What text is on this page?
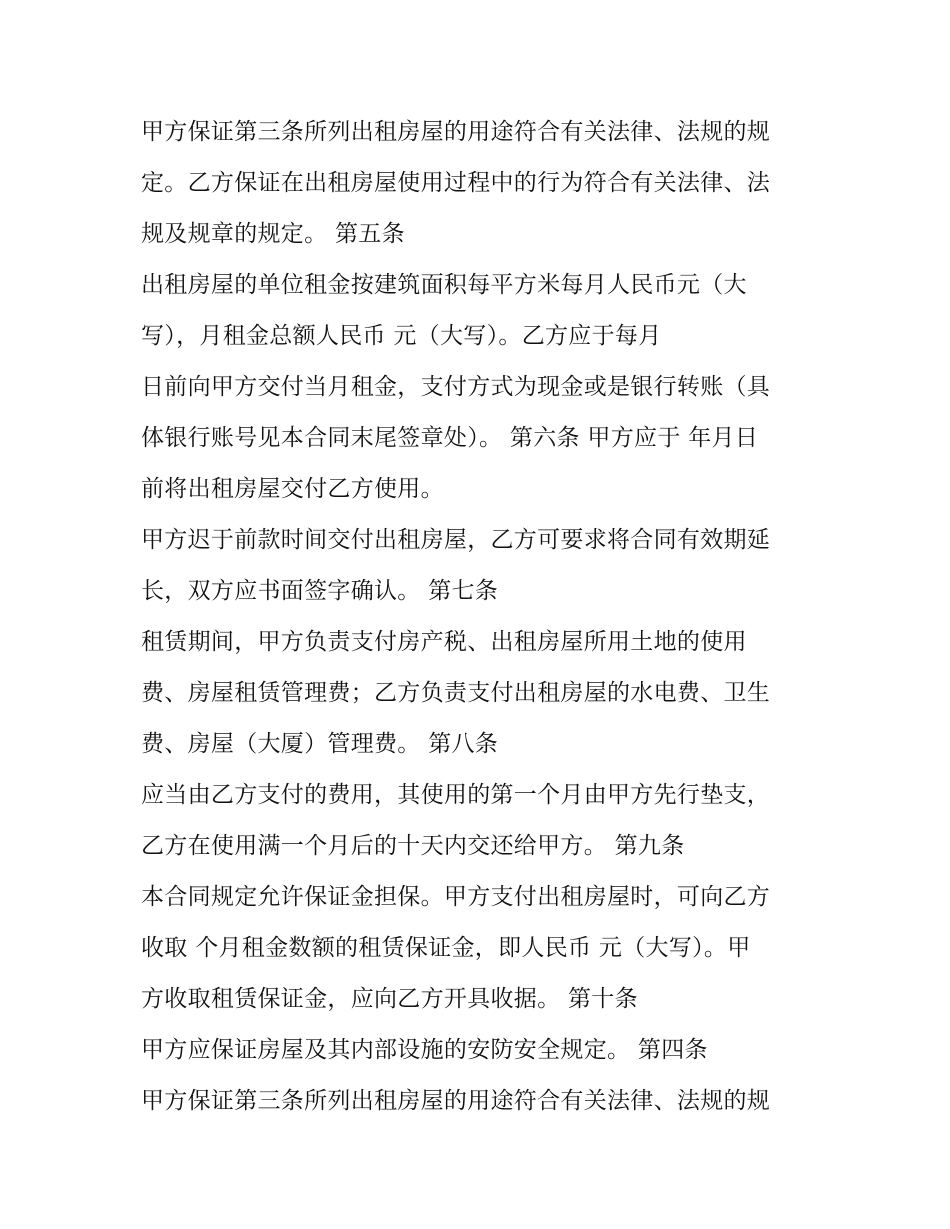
甲方保证第三条所列出租房屋的用途符合有关法律、法规的规
定。乙方保证在出租房屋使用过程中的行为符合有关法律、法
规及规章的规定。 第五条
出租房屋的单位租金按建筑面积每平方米每月人民币元（大
写），月租金总额人民币 元（大写）。乙方应于每月
日前向甲方交付当月租金，支付方式为现金或是银行转账（具
体银行账号见本合同末尾签章处）。 第六条 甲方应于 年月日
前将出租房屋交付乙方使用。
甲方迟于前款时间交付出租房屋，乙方可要求将合同有效期延
长，双方应书面签字确认。 第七条
租赁期间，甲方负责支付房产税、出租房屋所用土地的使用
费、房屋租赁管理费；乙方负责支付出租房屋的水电费、卫生
费、房屋（大厦）管理费。 第八条
应当由乙方支付的费用，其使用的第一个月由甲方先行垫支，
乙方在使用满一个月后的十天内交还给甲方。 第九条
本合同规定允许保证金担保。甲方支付出租房屋时，可向乙方
收取 个月租金数额的租赁保证金，即人民币 元（大写）。甲
方收取租赁保证金，应向乙方开具收据。 第十条
甲方应保证房屋及其内部设施的安防安全规定。 第四条
甲方保证第三条所列出租房屋的用途符合有关法律、法规的规
